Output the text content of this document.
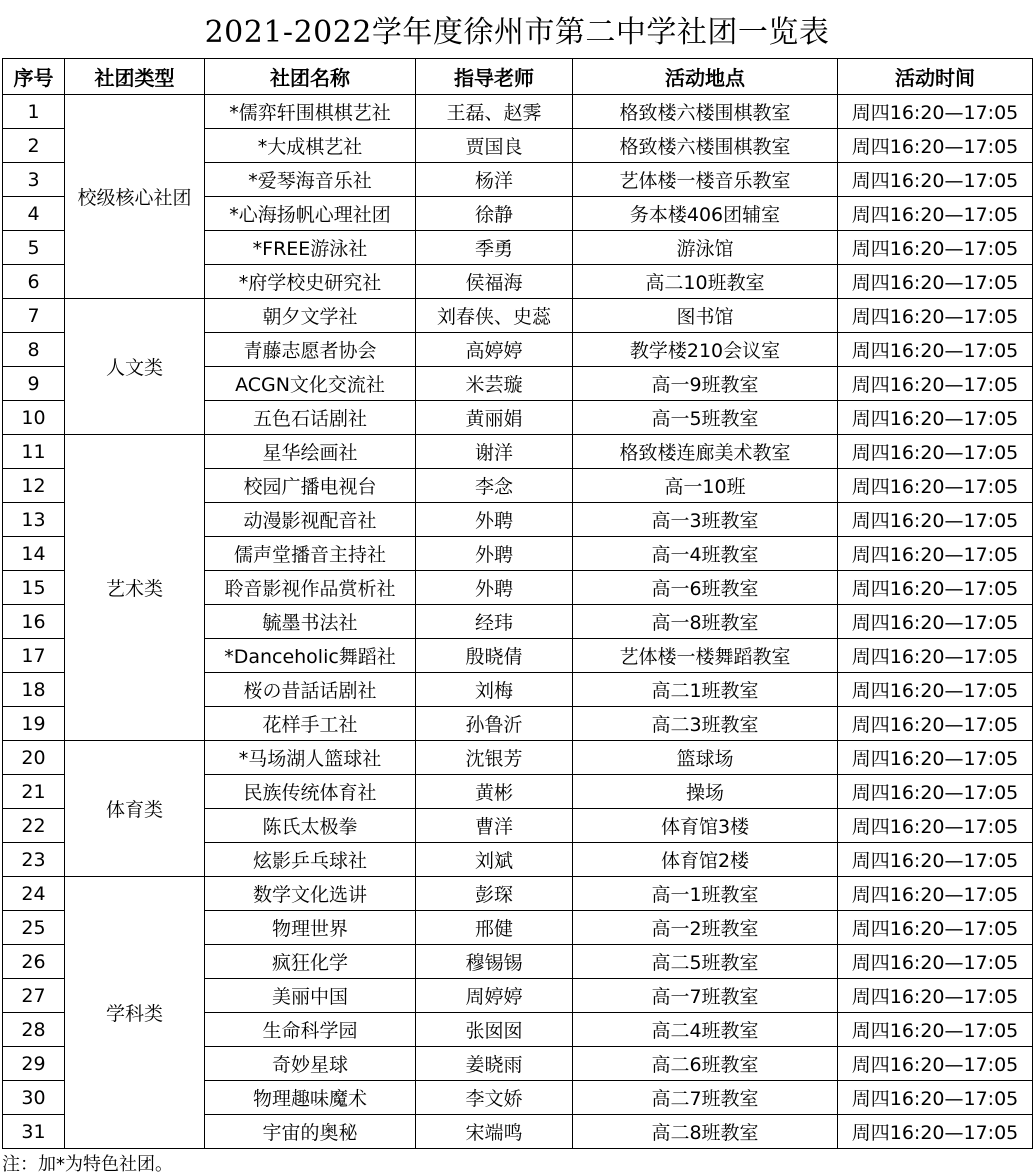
2021-2022学年度徐州市第二中学社团一览表
序号	社团类型	社团名称	指导老师	活动地点	活动时间
1	校级核心社团	*儒弈轩围棋棋艺社	王磊、赵霁	格致楼六楼围棋教室	周四16:20—17:05
2		*大成棋艺社	贾国良	格致楼六楼围棋教室	周四16:20—17:05
3		*爱琴海音乐社	杨洋	艺体楼一楼音乐教室	周四16:20—17:05
4		*心海扬帆心理社团	徐静	务本楼406团辅室	周四16:20—17:05
5		*FREE游泳社	季勇	游泳馆	周四16:20—17:05
6		*府学校史研究社	侯福海	高二10班教室	周四16:20—17:05
7	人文类	朝夕文学社	刘春侠、史蕊	图书馆	周四16:20—17:05
8		青藤志愿者协会	高婷婷	教学楼210会议室	周四16:20—17:05
9		ACGN文化交流社	米芸璇	高一9班教室	周四16:20—17:05
10		五色石话剧社	黄丽娟	高一5班教室	周四16:20—17:05
11	艺术类	星华绘画社	谢洋	格致楼连廊美术教室	周四16:20—17:05
12		校园广播电视台	李念	高一10班	周四16:20—17:05
13		动漫影视配音社	外聘	高一3班教室	周四16:20—17:05
14		儒声堂播音主持社	外聘	高一4班教室	周四16:20—17:05
15		聆音影视作品赏析社	外聘	高一6班教室	周四16:20—17:05
16		毓墨书法社	经玮	高一8班教室	周四16:20—17:05
17		*Danceholic舞蹈社	殷晓倩	艺体楼一楼舞蹈教室	周四16:20—17:05
18		桜の昔話话剧社	刘梅	高二1班教室	周四16:20—17:05
19		花样手工社	孙鲁沂	高二3班教室	周四16:20—17:05
20	体育类	*马场湖人篮球社	沈银芳	篮球场	周四16:20—17:05
21		民族传统体育社	黄彬	操场	周四16:20—17:05
22		陈氏太极拳	曹洋	体育馆3楼	周四16:20—17:05
23		炫影乒乓球社	刘斌	体育馆2楼	周四16:20—17:05
24	学科类	数学文化选讲	彭琛	高一1班教室	周四16:20—17:05
25		物理世界	邢健	高一2班教室	周四16:20—17:05
26		疯狂化学	穆锡锡	高二5班教室	周四16:20—17:05
27		美丽中国	周婷婷	高一7班教室	周四16:20—17:05
28		生命科学园	张囡囡	高二4班教室	周四16:20—17:05
29		奇妙星球	姜晓雨	高二6班教室	周四16:20—17:05
30		物理趣味魔术	李文娇	高二7班教室	周四16:20—17:05
31		宇宙的奥秘	宋端鸣	高二8班教室	周四16:20—17:05
注：加*为特色社团。
